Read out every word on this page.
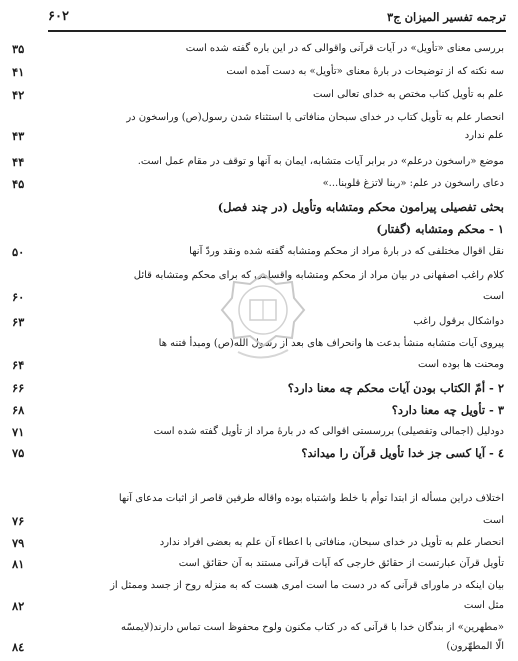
ترجمه تفسیر المیزان ج۳
۶۰۲
بررسی معنای «تأویل» در آیات قرآنی واقوالی که در این باره گفته شده است
۳۵
سه نکته که از توضیحات در بارهٔ معنای «تأویل» به دست آمده است
۴۱
علم به تأویل کتاب مختص به خدای تعالی است
۴۲
انحصار علم به تأویل کتاب در خدای سبحان منافاتی با استثناء شدن رسول(ص) وراسخون در
علم ندارد
۴۳
موضع «راسخون درعلم» در برابر آیات متشابه، ایمان به آنها و توقف در مقام عمل است.
۴۴
دعای راسخون در علم: «ربنا لاتزغ قلوبنا...»
۴۵
بحثی تفصیلی پیرامون محکم ومتشابه وتأویل (در چند فصل)
۱ - محکم ومتشابه (گفتار)
نقل اقوال مختلفی که در بارهٔ مراد از محکم ومتشابه گفته شده ونقد وردّ آنها
۵۰
کلام راغب اصفهانی در بیان مراد از محکم ومتشابه واقسامی که برای محکم ومتشابه قائل
است
۶۰
دواشکال برقول راغب
۶۳
پیروی آیات متشابه منشأ بدعت ها وانحراف های بعد از رسول الله(ص) ومبدأ فتنه ها
ومحنت ها بوده است
۶۴
۲ - أمّ الکتاب بودن آیات محکم چه معنا دارد؟
۶۶
۳ - تأویل چه معنا دارد؟
۶۸
دودلیل (اجمالی وتفصیلی) بررسستی اقوالی که در بارهٔ مراد از تأویل گفته شده است
۷۱
٤ - آیا کسی جز خدا تأویل قرآن را میداند؟
۷۵
اختلاف دراین مسأله از ابتدا توأم با خلط واشتباه بوده واقاله طرفین قاصر از اثبات مدعای آنها
است
۷۶
انحصار علم به تأویل در خدای سبحان، منافاتی با اعطاء آن علم به بعضی افراد ندارد
۷۹
تأویل قرآن عبارتست از حقائق خارجی که آیات قرآنی مستند به آن حقائق است
۸۱
بیان اینکه در ماورای قرآنی که در دست ما است امری هست که به منزله روح از جسد وممثل از
مثل است
۸۲
«مطهرین» از بندگان خدا با قرآنی که در کتاب مکنون ولوح محفوظ است تماس دارند(لایمسّه
الّا المطهّرون)
۸٤
